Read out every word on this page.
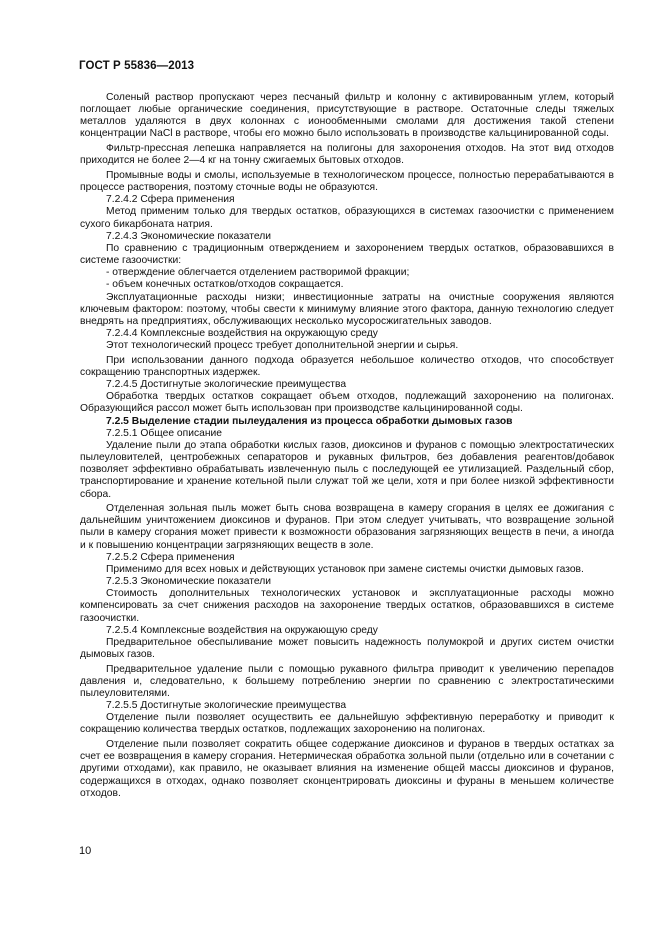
ГОСТ Р 55836—2013

Соленый раствор пропускают через песчаный фильтр и колонну с активированным углем, который поглощает любые органические соединения, присутствующие в растворе. Остаточные следы тяжелых металлов удаляются в двух колоннах с ионообменными смолами для достижения такой степени концентрации NaCl в растворе, чтобы его можно было использовать в производстве кальцинированной соды.

Фильтр-прессная лепешка направляется на полигоны для захоронения отходов. На этот вид отходов приходится не более 2—4 кг на тонну сжигаемых бытовых отходов.

Промывные воды и смолы, используемые в технологическом процессе, полностью перерабатываются в процессе растворения, поэтому сточные воды не образуются.

7.2.4.2 Сфера применения

Метод применим только для твердых остатков, образующихся в системах газоочистки с применением сухого бикарбоната натрия.

7.2.4.3 Экономические показатели

По сравнению с традиционным отверждением и захоронением твердых остатков, образовавшихся в системе газоочистки:

- отверждение облегчается отделением растворимой фракции;

- объем конечных остатков/отходов сокращается.

Эксплуатационные расходы низки; инвестиционные затраты на очистные сооружения являются ключевым фактором: поэтому, чтобы свести к минимуму влияние этого фактора, данную технологию следует внедрять на предприятиях, обслуживающих несколько мусоросжигательных заводов.

7.2.4.4 Комплексные воздействия на окружающую среду

Этот технологический процесс требует дополнительной энергии и сырья.

При использовании данного подхода образуется небольшое количество отходов, что способствует сокращению транспортных издержек.

7.2.4.5 Достигнутые экологические преимущества

Обработка твердых остатков сокращает объем отходов, подлежащий захоронению на полигонах. Образующийся рассол может быть использован при производстве кальцинированной соды.

7.2.5 Выделение стадии пылеудаления из процесса обработки дымовых газов

7.2.5.1 Общее описание

Удаление пыли до этапа обработки кислых газов, диоксинов и фуранов с помощью электростатических пылеуловителей, центробежных сепараторов и рукавных фильтров, без добавления реагентов/добавок позволяет эффективно обрабатывать извлеченную пыль с последующей ее утилизацией. Раздельный сбор, транспортирование и хранение котельной пыли служат той же цели, хотя и при более низкой эффективности сбора.

Отделенная зольная пыль может быть снова возвращена в камеру сгорания в целях ее дожигания с дальнейшим уничтожением диоксинов и фуранов. При этом следует учитывать, что возвращение зольной пыли в камеру сгорания может привести к возможности образования загрязняющих веществ в печи, а иногда и к повышению концентрации загрязняющих веществ в золе.

7.2.5.2 Сфера применения

Применимо для всех новых и действующих установок при замене системы очистки дымовых газов.

7.2.5.3 Экономические показатели

Стоимость дополнительных технологических установок и эксплуатационные расходы можно компенсировать за счет снижения расходов на захоронение твердых остатков, образовавшихся в системе газоочистки.

7.2.5.4 Комплексные воздействия на окружающую среду

Предварительное обеспыливание может повысить надежность полумокрой и других систем очистки дымовых газов.

Предварительное удаление пыли с помощью рукавного фильтра приводит к увеличению перепадов давления и, следовательно, к большему потреблению энергии по сравнению с электростатическими пылеуловителями.

7.2.5.5 Достигнутые экологические преимущества

Отделение пыли позволяет осуществить ее дальнейшую эффективную переработку и приводит к сокращению количества твердых остатков, подлежащих захоронению на полигонах.

Отделение пыли позволяет сократить общее содержание диоксинов и фуранов в твердых остатках за счет ее возвращения в камеру сгорания. Нетермическая обработка зольной пыли (отдельно или в сочетании с другими отходами), как правило, не оказывает влияния на изменение общей массы диоксинов и фуранов, содержащихся в отходах, однако позволяет сконцентрировать диоксины и фураны в меньшем количестве отходов.

10
